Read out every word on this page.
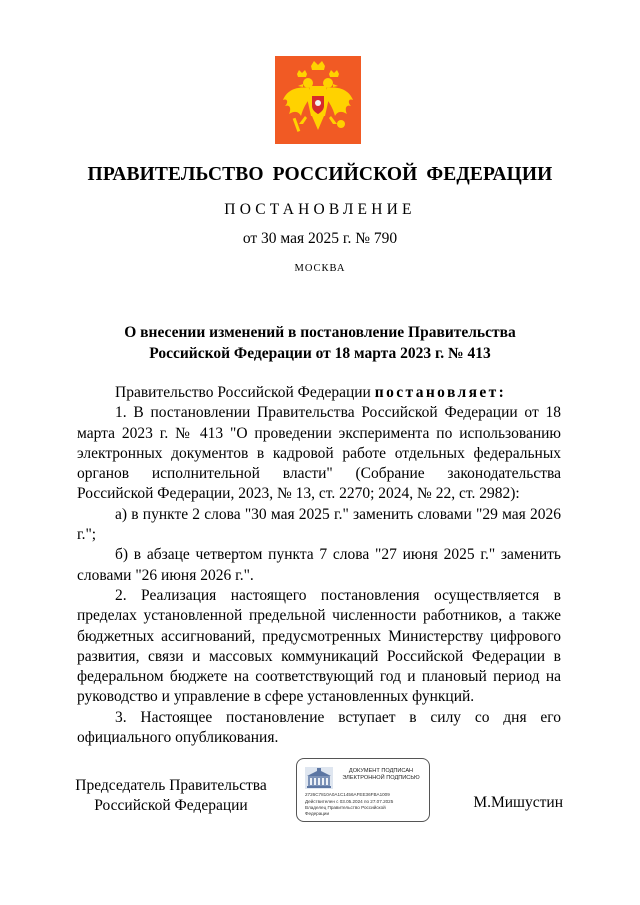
ПРАВИТЕЛЬСТВО РОССИЙСКОЙ ФЕДЕРАЦИИ
ПОСТАНОВЛЕНИЕ
от 30 мая 2025 г. № 790
МОСКВА
О внесении изменений в постановление Правительства
Российской Федерации от 18 марта 2023 г. № 413

Правительство Российской Федерации постановляет:

1. В постановлении Правительства Российской Федерации от 18 марта 2023 г. № 413 "О проведении эксперимента по использованию электронных документов в кадровой работе отдельных федеральных органов исполнительной власти" (Собрание законодательства Российской Федерации, 2023, № 13, ст. 2270; 2024, № 22, ст. 2982):

а) в пункте 2 слова "30 мая 2025 г." заменить словами "29 мая 2026 г.";

б) в абзаце четвертом пункта 7 слова "27 июня 2025 г." заменить словами "26 июня 2026 г.".

2. Реализация настоящего постановления осуществляется в пределах установленной предельной численности работников, а также бюджетных ассигнований, предусмотренных Министерству цифрового развития, связи и массовых коммуникаций Российской Федерации в федеральном бюджете на соответствующий год и плановый период на руководство и управление в сфере установленных функций.

3. Настоящее постановление вступает в силу со дня его официального опубликования.

Председатель Правительства
Российской Федерации
ДОКУМЕНТ ПОДПИСАН
ЭЛЕКТРОННОЙ ПОДПИСЬЮ
2726C7810A0A1C1456AFEE36FBA1009
Действителен с 03.05.2024 по 27.07.2025
Владелец Правительство Российской
Федерации
М.Мишустин
